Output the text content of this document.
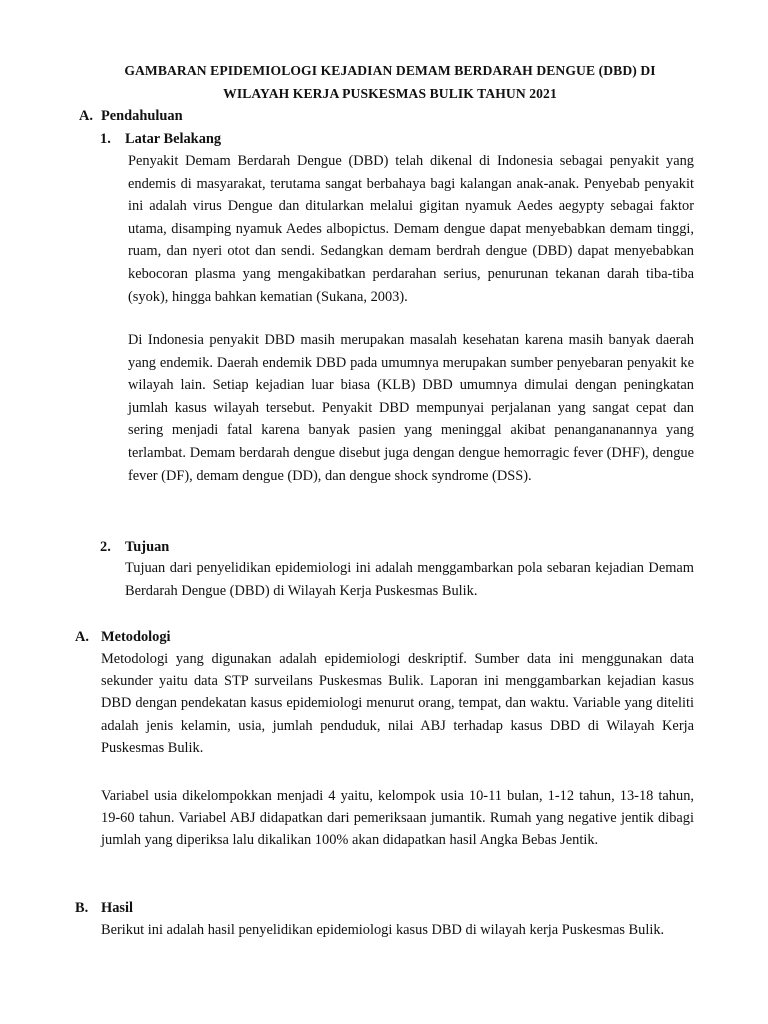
GAMBARAN EPIDEMIOLOGI KEJADIAN DEMAM BERDARAH DENGUE (DBD) DI
WILAYAH KERJA PUSKESMAS BULIK TAHUN 2021
A. Pendahuluan
1. Latar Belakang

Penyakit Demam Berdarah Dengue (DBD) telah dikenal di Indonesia sebagai penyakit yang endemis di masyarakat, terutama sangat berbahaya bagi kalangan anak-anak. Penyebab penyakit ini adalah virus Dengue dan ditularkan melalui gigitan nyamuk Aedes aegypty sebagai faktor utama, disamping nyamuk Aedes albopictus. Demam dengue dapat menyebabkan demam tinggi, ruam, dan nyeri otot dan sendi. Sedangkan demam berdrah dengue (DBD) dapat menyebabkan kebocoran plasma yang mengakibatkan perdarahan serius, penurunan tekanan darah tiba-tiba (syok), hingga bahkan kematian (Sukana, 2003).

Di Indonesia penyakit DBD masih merupakan masalah kesehatan karena masih banyak daerah yang endemik. Daerah endemik DBD pada umumnya merupakan sumber penyebaran penyakit ke wilayah lain. Setiap kejadian luar biasa (KLB) DBD umumnya dimulai dengan peningkatan jumlah kasus wilayah tersebut. Penyakit DBD mempunyai perjalanan yang sangat cepat dan sering menjadi fatal karena banyak pasien yang meninggal akibat penangananannya yang terlambat. Demam berdarah dengue disebut juga dengan dengue hemorragic fever (DHF), dengue fever (DF), demam dengue (DD), dan dengue shock syndrome (DSS).

2. Tujuan

Tujuan dari penyelidikan epidemiologi ini adalah menggambarkan pola sebaran kejadian Demam Berdarah Dengue (DBD) di Wilayah Kerja Puskesmas Bulik.

A. Metodologi

Metodologi yang digunakan adalah epidemiologi deskriptif. Sumber data ini menggunakan data sekunder yaitu data STP surveilans Puskesmas Bulik. Laporan ini menggambarkan kejadian kasus DBD dengan pendekatan kasus epidemiologi menurut orang, tempat, dan waktu. Variable yang diteliti adalah jenis kelamin, usia, jumlah penduduk, nilai ABJ terhadap kasus DBD di Wilayah Kerja Puskesmas Bulik.

Variabel usia dikelompokkan menjadi 4 yaitu, kelompok usia 10-11 bulan, 1-12 tahun, 13-18 tahun, 19-60 tahun. Variabel ABJ didapatkan dari pemeriksaan jumantik. Rumah yang negative jentik dibagi jumlah yang diperiksa lalu dikalikan 100% akan didapatkan hasil Angka Bebas Jentik.

B. Hasil

Berikut ini adalah hasil penyelidikan epidemiologi kasus DBD di wilayah kerja Puskesmas Bulik.
